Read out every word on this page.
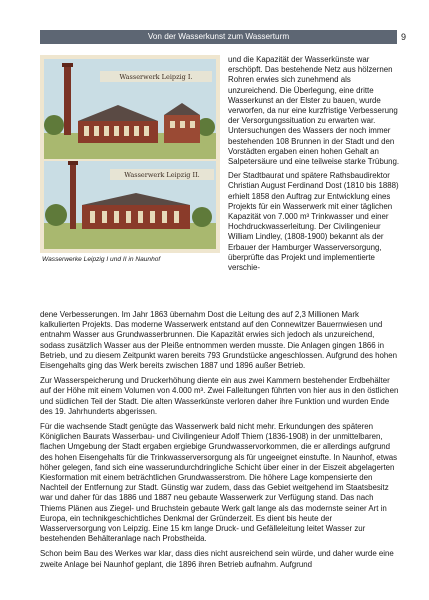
Von der Wasserkunst zum Wasserturm	9
Wasserwerk Leipzig I.
Wasserwerk Leipzig II.
Wasserwerke Leipzig I und II in Naunhof

und die Kapazität der Wasserkünste war erschöpft. Das bestehende Netz aus hölzernen Rohren erwies sich zunehmend als unzureichend. Die Überlegung, eine dritte Wasserkunst an der Elster zu bauen, wurde verworfen, da nur eine kurzfristige Verbesserung der Versorgungssituation zu erwarten war. Untersuchungen des Wassers der noch immer bestehenden 108 Brunnen in der Stadt und den Vorstädten ergaben einen hohen Gehalt an Salpetersäure und eine teilweise starke Trübung.

Der Stadtbaurat und spätere Rathsbaudirektor Christian August Ferdinand Dost (1810 bis 1888) erhielt 1858 den Auftrag zur Entwicklung eines Projekts für ein Wasserwerk mit einer täglichen Kapazität von 7.000 m³ Trinkwasser und einer Hochdruckwasserleitung. Der Civilingenieur William Lindley, (1808-1900) bekannt als der Erbauer der Hamburger Wasserversorgung, überprüfte das Projekt und implementierte verschie-

dene Verbesserungen. Im Jahr 1863 übernahm Dost die Leitung des auf 2,3 Millionen Mark kalkulierten Projekts. Das moderne Wasserwerk entstand auf den Connewitzer Bauernwiesen und entnahm Wasser aus Grundwasserbrunnen. Die Kapazität erwies sich jedoch als unzureichend, sodass zusätzlich Wasser aus der Pleiße entnommen werden musste. Die Anlagen gingen 1866 in Betrieb, und zu diesem Zeitpunkt waren bereits 793 Grundstücke angeschlossen. Aufgrund des hohen Eisengehalts ging das Werk bereits zwischen 1887 und 1896 außer Betrieb.

Zur Wasserspeicherung und Druckerhöhung diente ein aus zwei Kammern bestehender Erdbehälter auf der Höhe mit einem Volumen von 4.000 m³. Zwei Falleitungen führten von hier aus in den östlichen und südlichen Teil der Stadt. Die alten Wasserkünste verloren daher ihre Funktion und wurden Ende des 19. Jahrhunderts abgerissen.

Für die wachsende Stadt genügte das Wasserwerk bald nicht mehr. Erkundungen des späteren Königlichen Baurats Wasserbau- und Civilingenieur Adolf Thiem (1836-1908) in der unmittelbaren, flachen Umgebung der Stadt ergaben ergiebige Grundwasservorkommen, die er allerdings aufgrund des hohen Eisengehalts für die Trinkwasserversorgung als für ungeeignet einstufte. In Naunhof, etwas höher gelegen, fand sich eine wasserundurchdringliche Schicht über einer in der Eiszeit abgelagerten Kiesformation mit einem beträchtlichen Grundwasserstrom. Die höhere Lage kompensierte den Nachteil der Entfernung zur Stadt. Günstig war zudem, dass das Gebiet weitgehend im Staatsbesitz war und daher für das 1886 und 1887 neu gebaute Wasserwerk zur Verfügung stand. Das nach Thiems Plänen aus Ziegel- und Bruchstein gebaute Werk galt lange als das modernste seiner Art in Europa, ein technikgeschichtliches Denkmal der Gründerzeit. Es dient bis heute der Wasserversorgung von Leipzig. Eine 15 km lange Druck- und Gefälleleitung leitet Wasser zur bestehenden Behälteranlage nach Probstheida.

Schon beim Bau des Werkes war klar, dass dies nicht ausreichend sein würde, und daher wurde eine zweite Anlage bei Naunhof geplant, die 1896 ihren Betrieb aufnahm. Aufgrund
